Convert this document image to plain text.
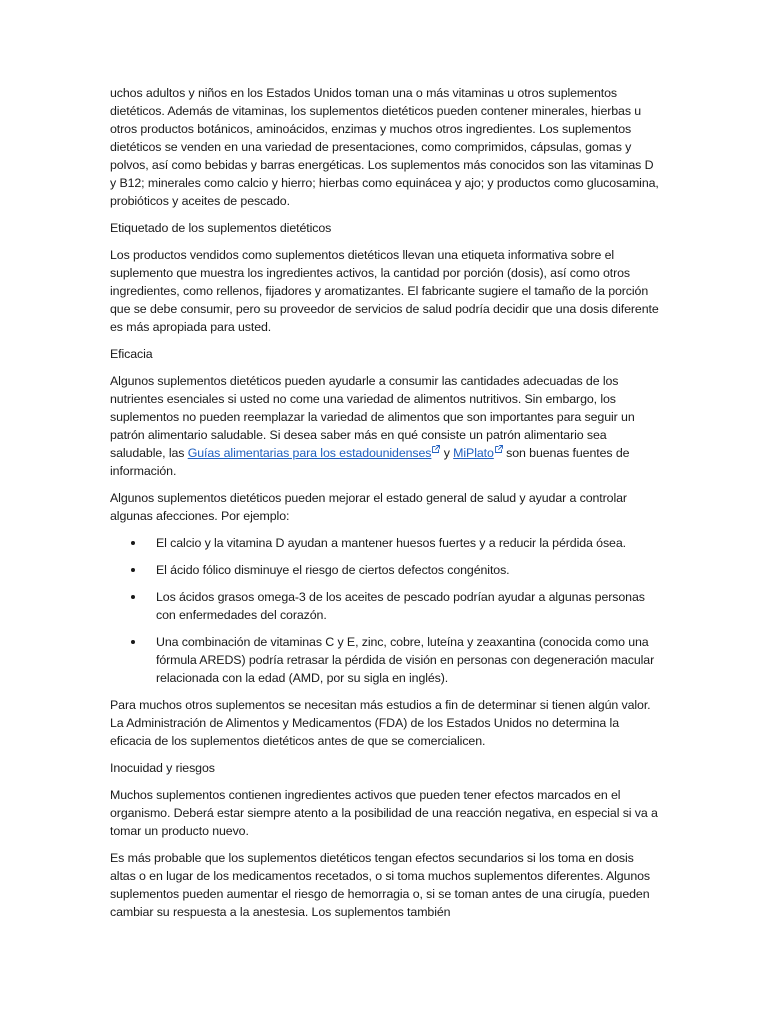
uchos adultos y niños en los Estados Unidos toman una o más vitaminas u otros suplementos dietéticos. Además de vitaminas, los suplementos dietéticos pueden contener minerales, hierbas u otros productos botánicos, aminoácidos, enzimas y muchos otros ingredientes. Los suplementos dietéticos se venden en una variedad de presentaciones, como comprimidos, cápsulas, gomas y polvos, así como bebidas y barras energéticas. Los suplementos más conocidos son las vitaminas D y B12; minerales como calcio y hierro; hierbas como equinácea y ajo; y productos como glucosamina, probióticos y aceites de pescado.

Etiquetado de los suplementos dietéticos

Los productos vendidos como suplementos dietéticos llevan una etiqueta informativa sobre el suplemento que muestra los ingredientes activos, la cantidad por porción (dosis), así como otros ingredientes, como rellenos, fijadores y aromatizantes. El fabricante sugiere el tamaño de la porción que se debe consumir, pero su proveedor de servicios de salud podría decidir que una dosis diferente es más apropiada para usted.

Eficacia

Algunos suplementos dietéticos pueden ayudarle a consumir las cantidades adecuadas de los nutrientes esenciales si usted no come una variedad de alimentos nutritivos. Sin embargo, los suplementos no pueden reemplazar la variedad de alimentos que son importantes para seguir un patrón alimentario saludable. Si desea saber más en qué consiste un patrón alimentario sea saludable, las Guías alimentarias para los estadounidenses y MiPlato son buenas fuentes de información.

Algunos suplementos dietéticos pueden mejorar el estado general de salud y ayudar a controlar algunas afecciones. Por ejemplo:

El calcio y la vitamina D ayudan a mantener huesos fuertes y a reducir la pérdida ósea.
El ácido fólico disminuye el riesgo de ciertos defectos congénitos.
Los ácidos grasos omega-3 de los aceites de pescado podrían ayudar a algunas personas con enfermedades del corazón.
Una combinación de vitaminas C y E, zinc, cobre, luteína y zeaxantina (conocida como una fórmula AREDS) podría retrasar la pérdida de visión en personas con degeneración macular relacionada con la edad (AMD, por su sigla en inglés).

Para muchos otros suplementos se necesitan más estudios a fin de determinar si tienen algún valor. La Administración de Alimentos y Medicamentos (FDA) de los Estados Unidos no determina la eficacia de los suplementos dietéticos antes de que se comercialicen.

Inocuidad y riesgos

Muchos suplementos contienen ingredientes activos que pueden tener efectos marcados en el organismo. Deberá estar siempre atento a la posibilidad de una reacción negativa, en especial si va a tomar un producto nuevo.

Es más probable que los suplementos dietéticos tengan efectos secundarios si los toma en dosis altas o en lugar de los medicamentos recetados, o si toma muchos suplementos diferentes. Algunos suplementos pueden aumentar el riesgo de hemorragia o, si se toman antes de una cirugía, pueden cambiar su respuesta a la anestesia. Los suplementos también
